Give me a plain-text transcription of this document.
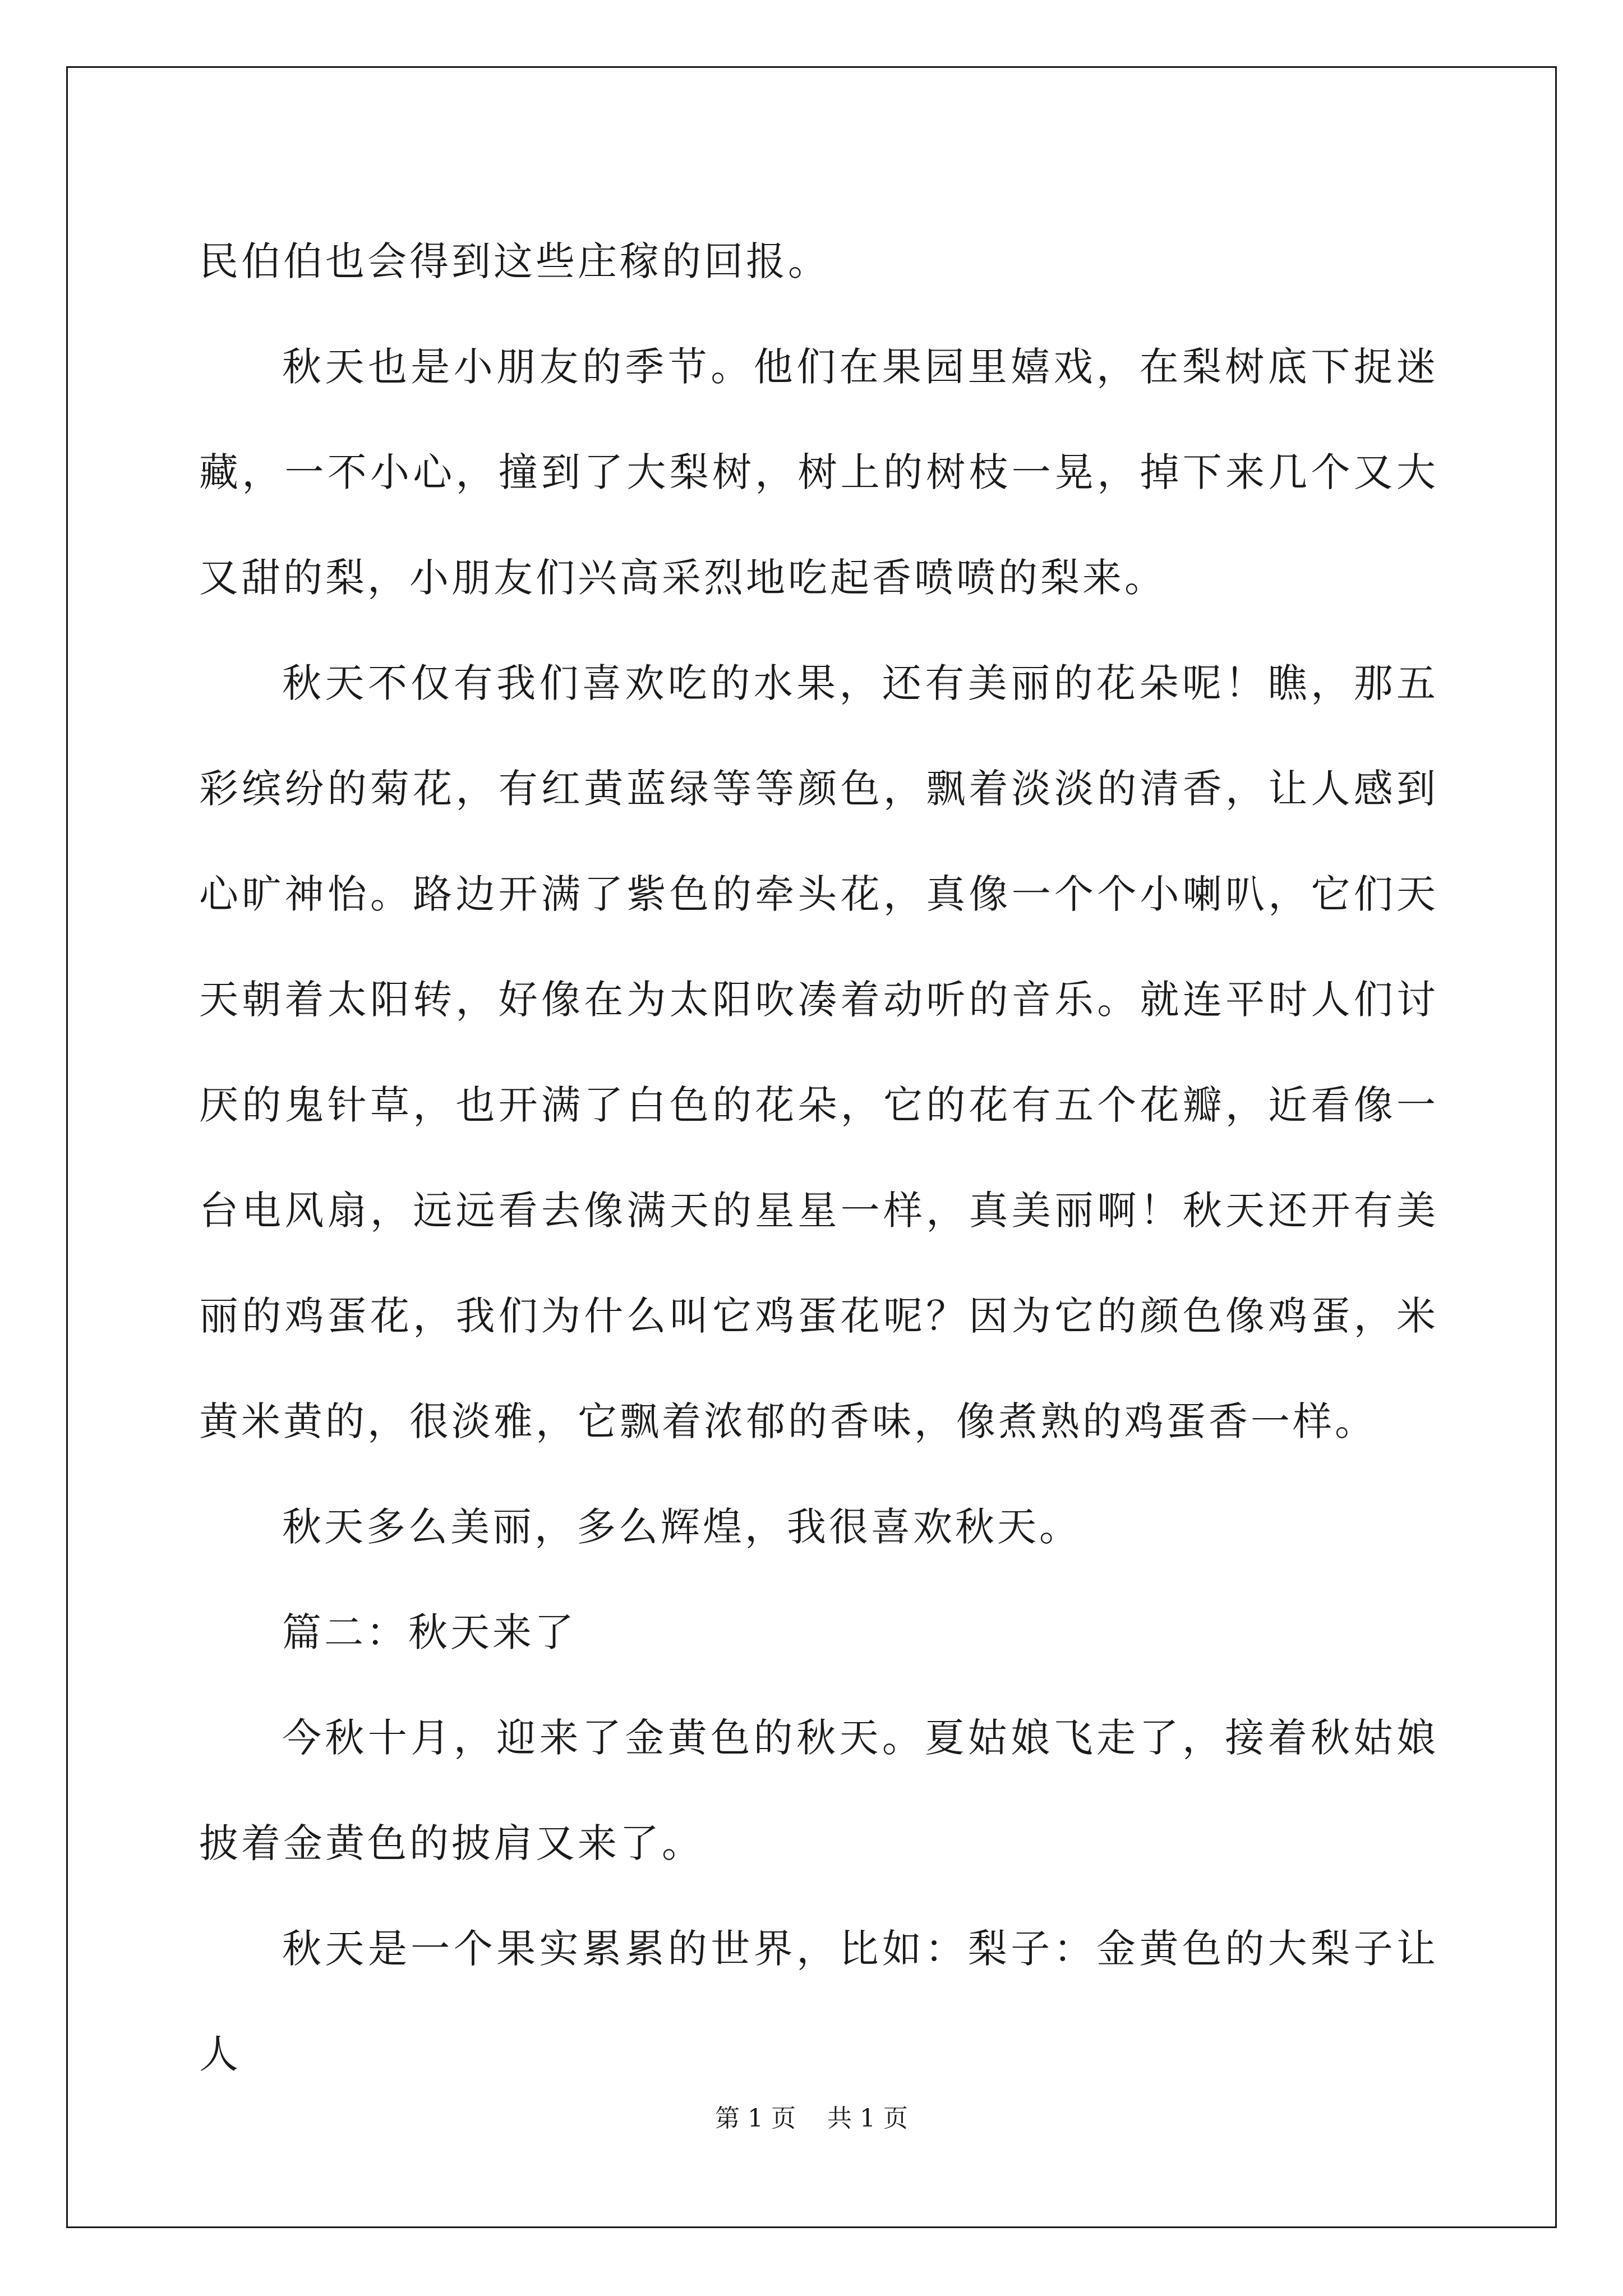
民伯伯也会得到这些庄稼的回报。

秋天也是小朋友的季节。他们在果园里嬉戏，在梨树底下捉迷藏，一不小心，撞到了大梨树，树上的树枝一晃，掉下来几个又大又甜的梨，小朋友们兴高采烈地吃起香喷喷的梨来。

秋天不仅有我们喜欢吃的水果，还有美丽的花朵呢！瞧，那五彩缤纷的菊花，有红黄蓝绿等等颜色，飘着淡淡的清香，让人感到心旷神怡。路边开满了紫色的牵头花，真像一个个小喇叭，它们天天朝着太阳转，好像在为太阳吹凑着动听的音乐。就连平时人们讨厌的鬼针草，也开满了白色的花朵，它的花有五个花瓣，近看像一台电风扇，远远看去像满天的星星一样，真美丽啊！秋天还开有美丽的鸡蛋花，我们为什么叫它鸡蛋花呢？因为它的颜色像鸡蛋，米黄米黄的，很淡雅，它飘着浓郁的香味，像煮熟的鸡蛋香一样。

秋天多么美丽，多么辉煌，我很喜欢秋天。

篇二：秋天来了

今秋十月，迎来了金黄色的秋天。夏姑娘飞走了，接着秋姑娘披着金黄色的披肩又来了。

秋天是一个果实累累的世界，比如：梨子：金黄色的大梨子让人

第 1 页    共 1 页
